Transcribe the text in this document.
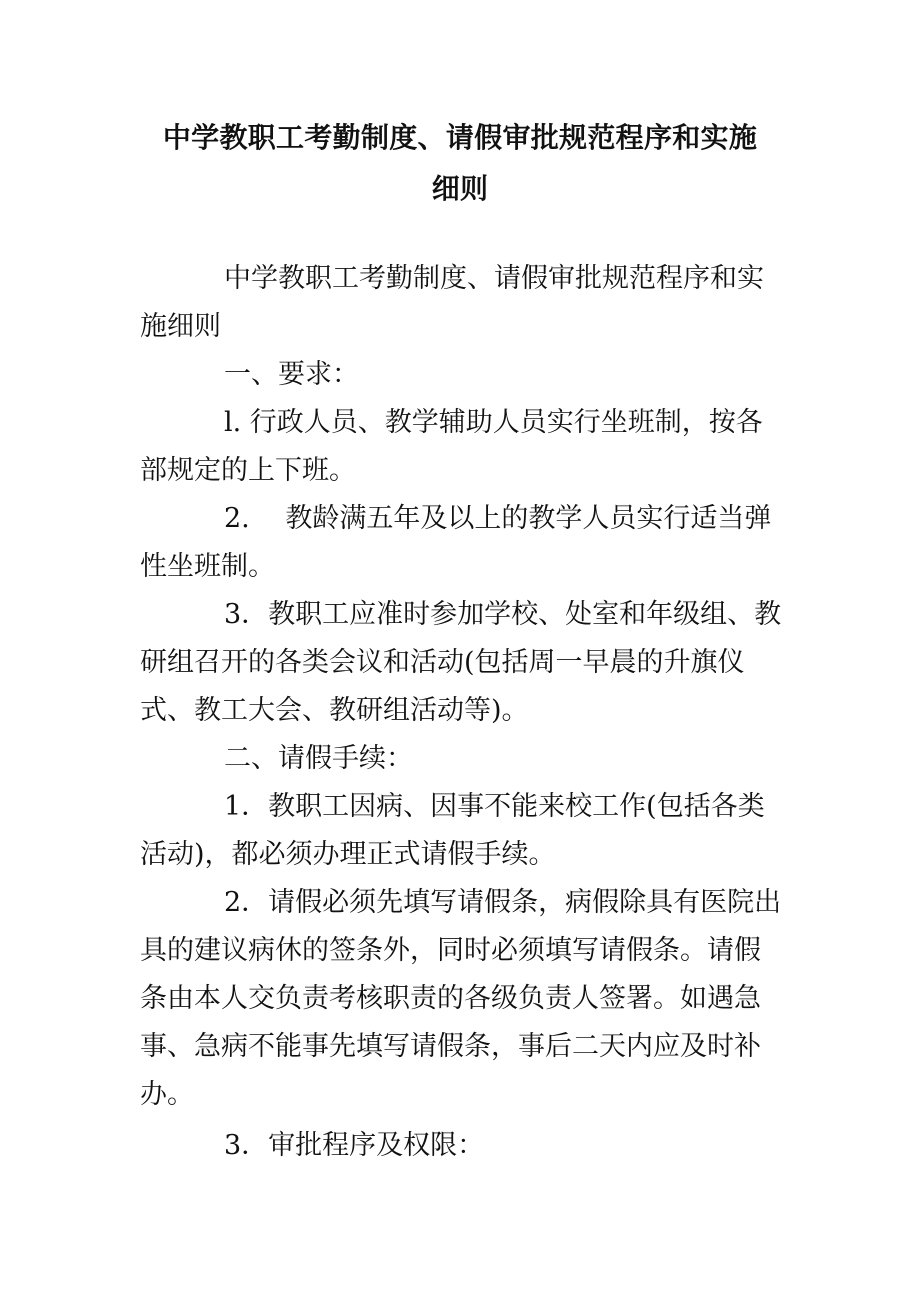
中学教职工考勤制度、请假审批规范程序和实施细则

中学教职工考勤制度、请假审批规范程序和实施细则

一、要求：

l. 行政人员、教学辅助人员实行坐班制，按各部规定的上下班。

2.　 教龄满五年及以上的教学人员实行适当弹性坐班制。

3．教职工应准时参加学校、处室和年级组、教研组召开的各类会议和活动(包括周一早晨的升旗仪式、教工大会、教研组活动等)。

二、请假手续：

1．教职工因病、因事不能来校工作(包括各类活动)，都必须办理正式请假手续。

2．请假必须先填写请假条，病假除具有医院出具的建议病休的签条外，同时必须填写请假条。请假条由本人交负责考核职责的各级负责人签署。如遇急事、急病不能事先填写请假条，事后二天内应及时补办。

3．审批程序及权限：
